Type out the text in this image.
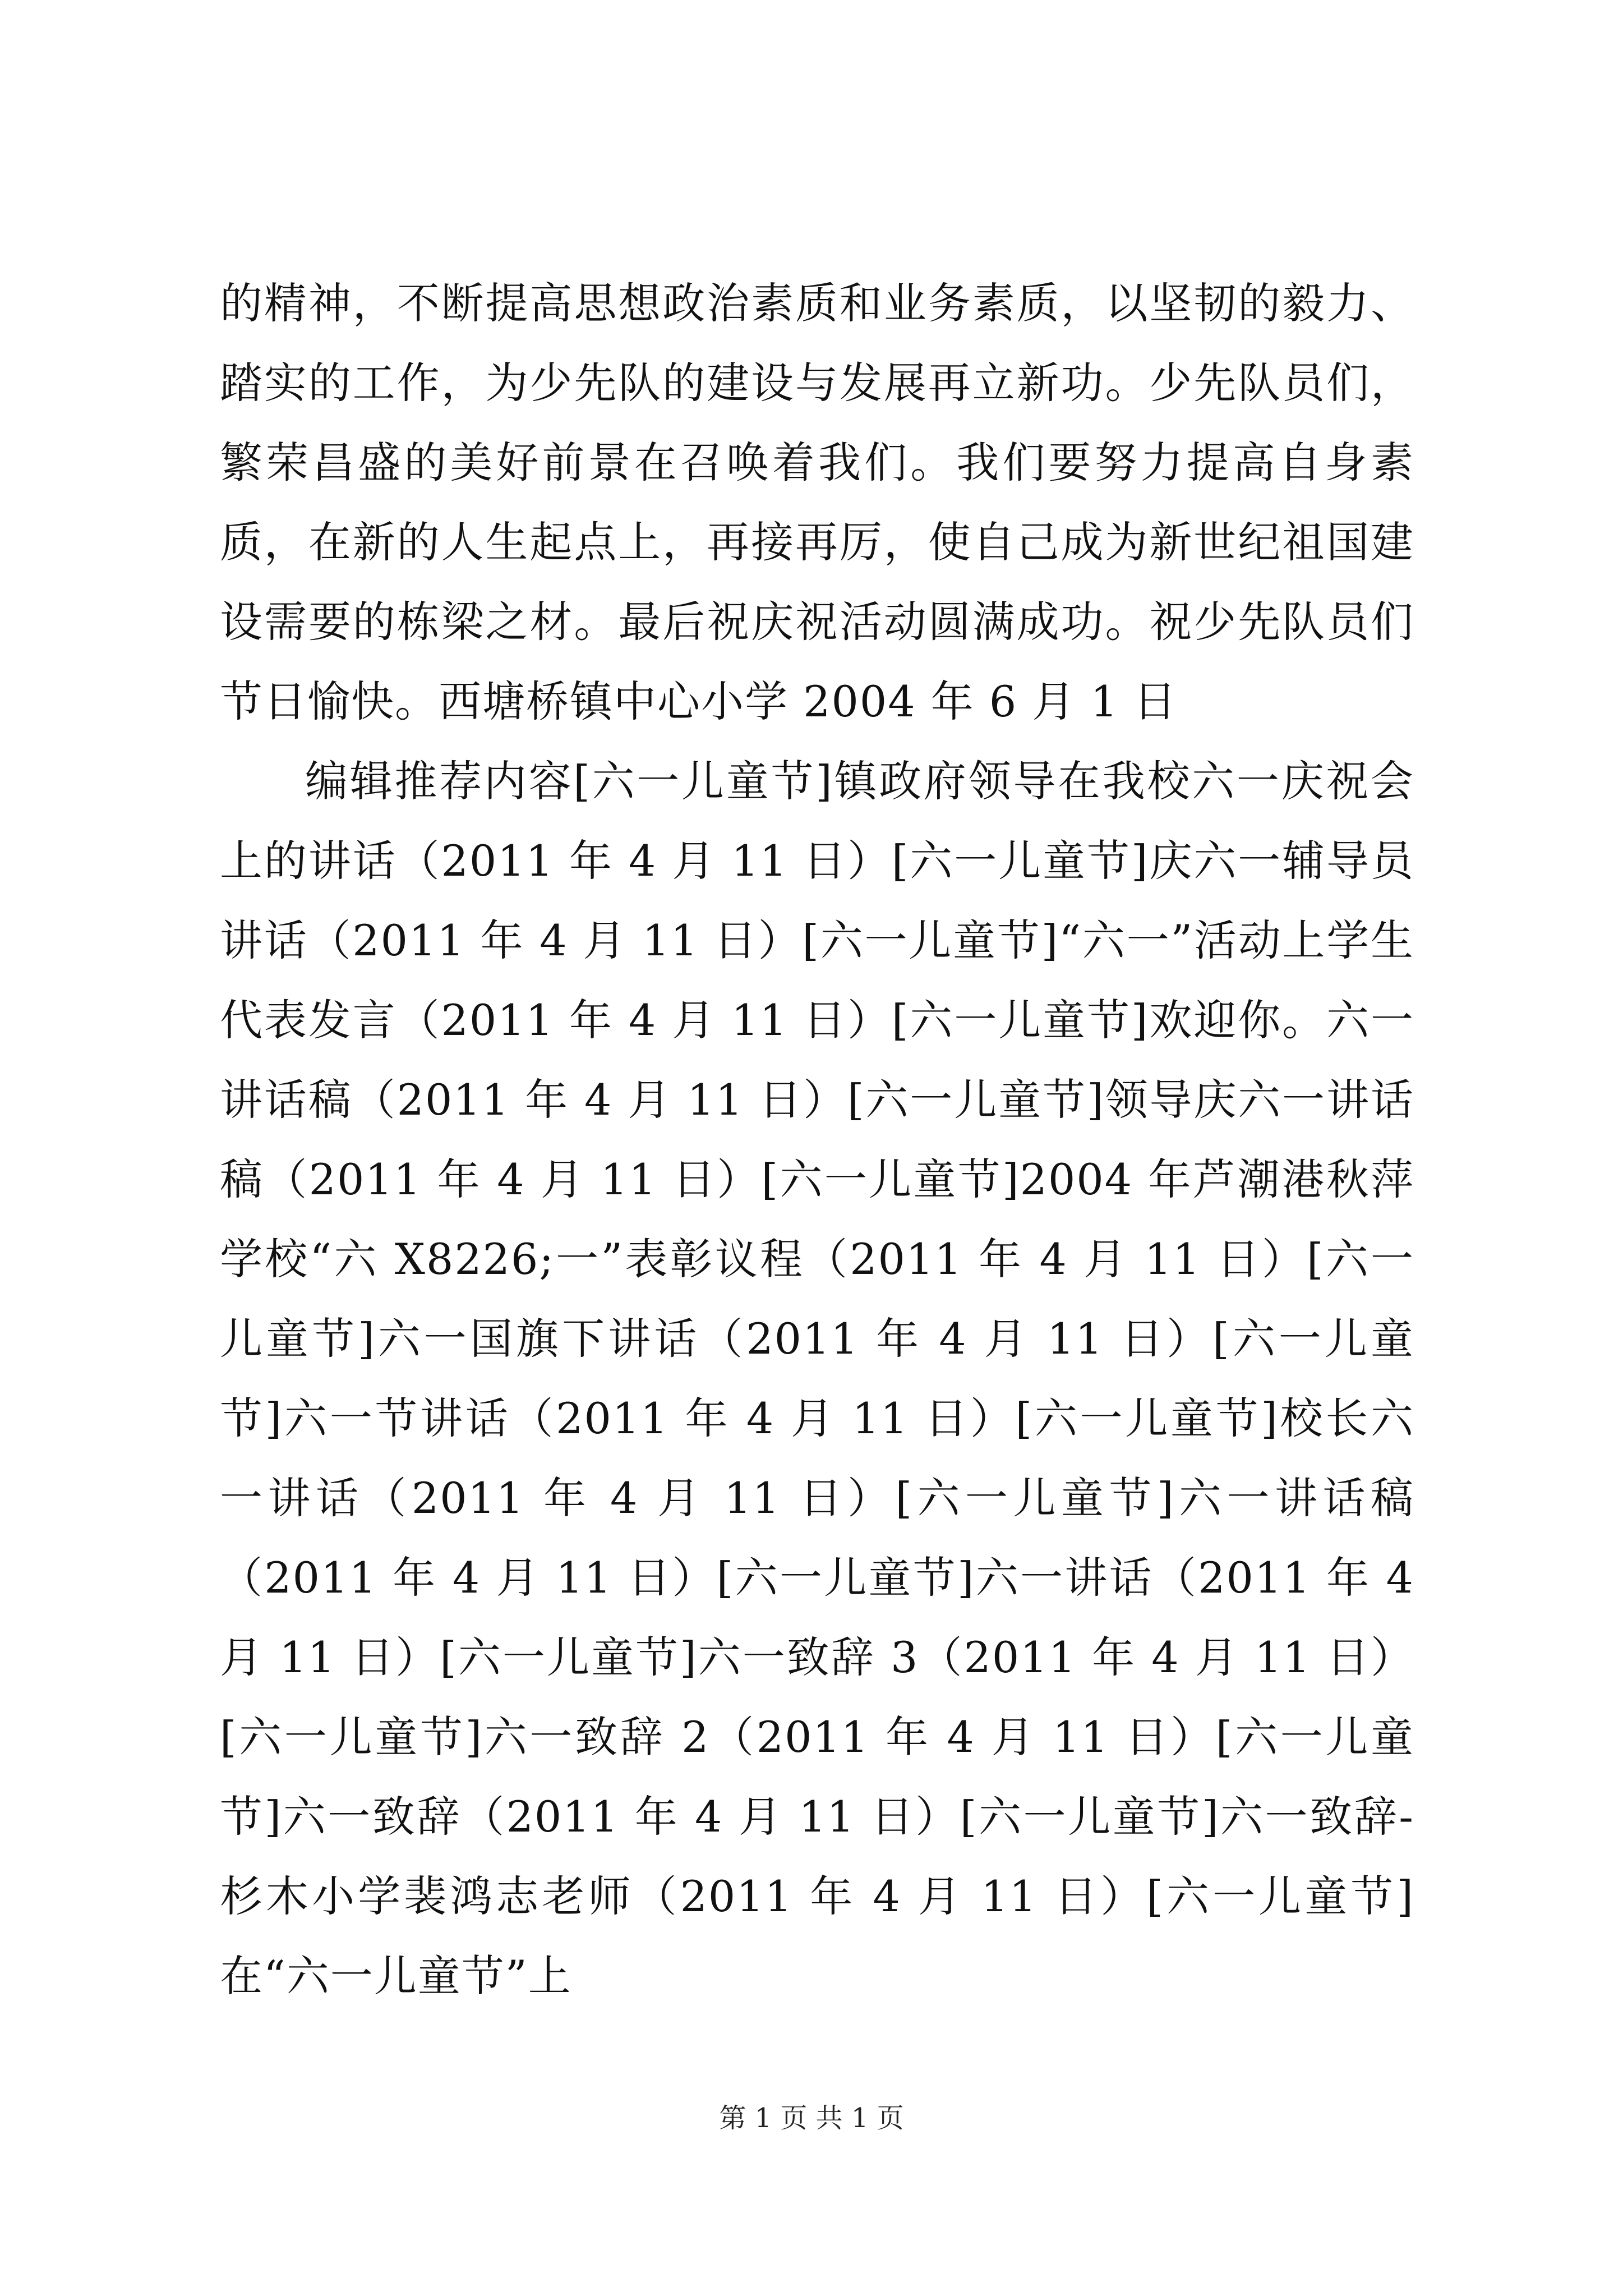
的精神，不断提高思想政治素质和业务素质，以坚韧的毅力、踏实的工作，为少先队的建设与发展再立新功。少先队员们，繁荣昌盛的美好前景在召唤着我们。我们要努力提高自身素质，在新的人生起点上，再接再厉，使自己成为新世纪祖国建设需要的栋梁之材。最后祝庆祝活动圆满成功。祝少先队员们节日愉快。西塘桥镇中心小学 2004 年 6 月 1 日

编辑推荐内容[六一儿童节]镇政府领导在我校六一庆祝会上的讲话（2011 年 4 月 11 日）[六一儿童节]庆六一辅导员讲话（2011 年 4 月 11 日）[六一儿童节]“六一”活动上学生代表发言（2011 年 4 月 11 日）[六一儿童节]欢迎你。六一讲话稿（2011 年 4 月 11 日）[六一儿童节]领导庆六一讲话稿（2011 年 4 月 11 日）[六一儿童节]2004 年芦潮港秋萍学校“六 X8226;一”表彰议程（2011 年 4 月 11 日）[六一儿童节]六一国旗下讲话（2011 年 4 月 11 日）[六一儿童节]六一节讲话（2011 年 4 月 11 日）[六一儿童节]校长六一讲话（2011 年 4 月 11 日）[六一儿童节]六一讲话稿（2011 年 4 月 11 日）[六一儿童节]六一讲话（2011 年 4 月 11 日）[六一儿童节]六一致辞 3（2011 年 4 月 11 日）[六一儿童节]六一致辞 2（2011 年 4 月 11 日）[六一儿童节]六一致辞（2011 年 4 月 11 日）[六一儿童节]六一致辞-杉木小学裴鸿志老师（2011 年 4 月 11 日）[六一儿童节]在“六一儿童节”上

第 1 页 共 1 页
